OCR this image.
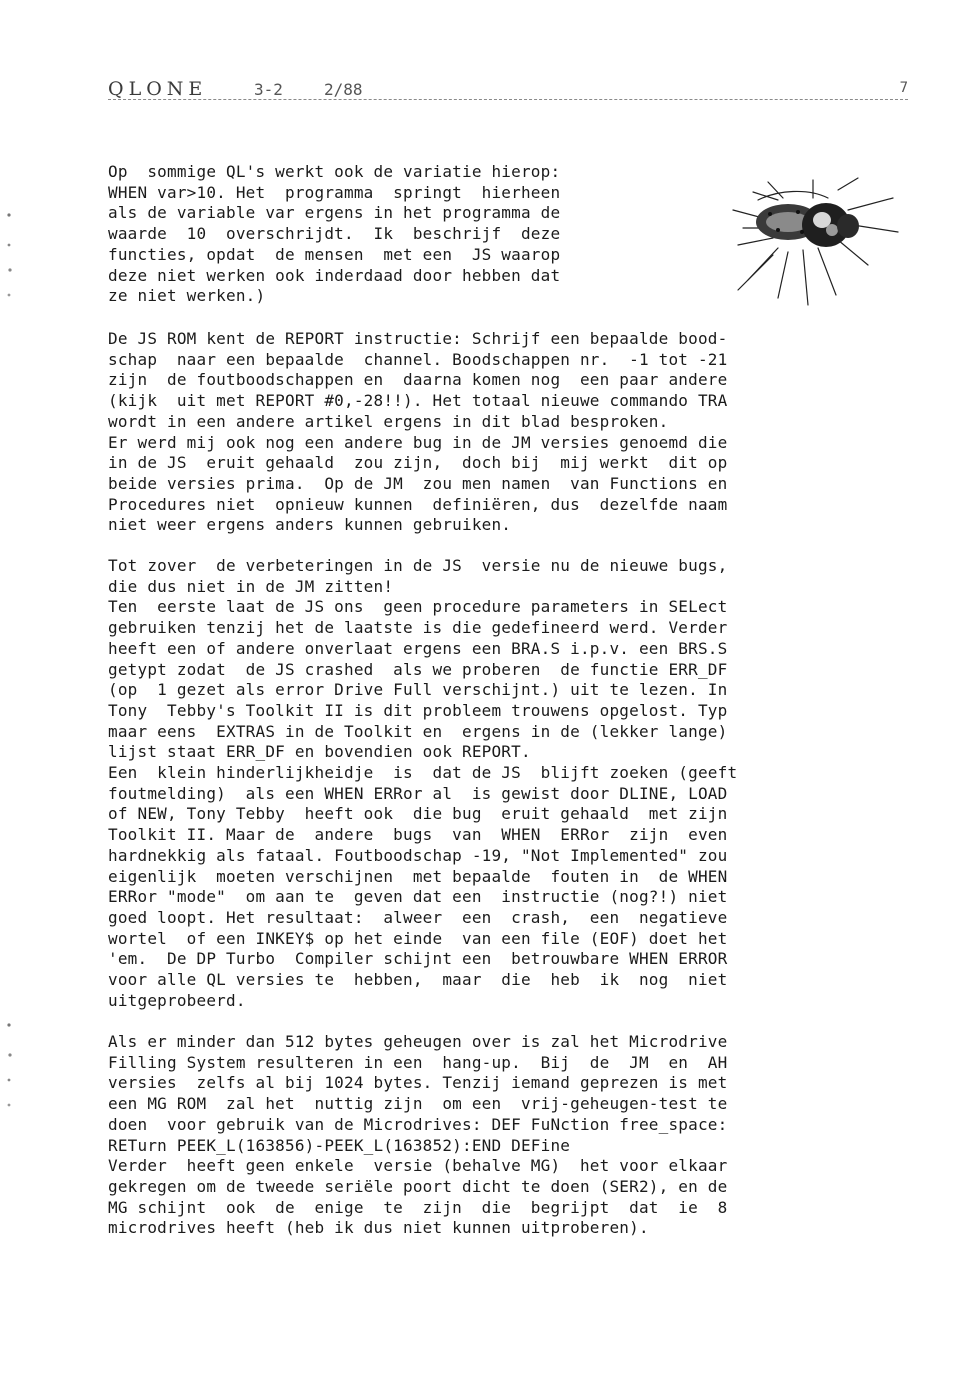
QLONE	3-2	2/88	7
Op  sommige QL's werkt ook de variatie hierop:
WHEN var>10. Het  programma  springt  hierheen
als de variable var ergens in het programma de
waarde  10  overschrijdt.  Ik  beschrijf  deze
functies, opdat  de mensen  met een  JS waarop
deze niet werken ook inderdaad door hebben dat
ze niet werken.)
De JS ROM kent de REPORT instructie: Schrijf een bepaalde bood-
schap  naar een bepaalde  channel. Boodschappen nr.  -1 tot -21
zijn  de foutboodschappen en  daarna komen nog  een paar andere
(kijk  uit met REPORT #0,-28!!). Het totaal nieuwe commando TRA
wordt in een andere artikel ergens in dit blad besproken.
Er werd mij ook nog een andere bug in de JM versies genoemd die
in de JS  eruit gehaald  zou zijn,  doch bij  mij werkt  dit op
beide versies prima.  Op de JM  zou men namen  van Functions en
Procedures niet  opnieuw kunnen  definiëren, dus  dezelfde naam
niet weer ergens anders kunnen gebruiken.
Tot zover  de verbeteringen in de JS  versie nu de nieuwe bugs,
die dus niet in de JM zitten!
Ten  eerste laat de JS ons  geen procedure parameters in SELect
gebruiken tenzij het de laatste is die gedefineerd werd. Verder
heeft een of andere onverlaat ergens een BRA.S i.p.v. een BRS.S
getypt zodat  de JS crashed  als we proberen  de functie ERR_DF
(op  1 gezet als error Drive Full verschijnt.) uit te lezen. In
Tony  Tebby's Toolkit II is dit probleem trouwens opgelost. Typ
maar eens  EXTRAS in de Toolkit en  ergens in de (lekker lange)
lijst staat ERR_DF en bovendien ook REPORT.
Een  klein hinderlijkheidje  is  dat de JS  blijft zoeken (geeft
foutmelding)  als een WHEN ERRor al  is gewist door DLINE, LOAD
of NEW, Tony Tebby  heeft ook  die bug  eruit gehaald  met zijn
Toolkit II. Maar de  andere  bugs  van  WHEN  ERRor  zijn  even
hardnekkig als fataal. Foutboodschap -19, "Not Implemented" zou
eigenlijk  moeten verschijnen  met bepaalde  fouten in  de WHEN
ERRor "mode"  om aan te  geven dat een  instructie (nog?!) niet
goed loopt. Het resultaat:  alweer  een  crash,  een  negatieve
wortel  of een INKEY$ op het einde  van een file (EOF) doet het
'em.  De DP Turbo  Compiler schijnt een  betrouwbare WHEN ERROR
voor alle QL versies te  hebben,  maar  die  heb  ik  nog  niet
uitgeprobeerd.
Als er minder dan 512 bytes geheugen over is zal het Microdrive
Filling System resulteren in een  hang-up.  Bij  de  JM  en  AH
versies  zelfs al bij 1024 bytes. Tenzij iemand geprezen is met
een MG ROM  zal het  nuttig zijn  om een  vrij-geheugen-test te
doen  voor gebruik van de Microdrives: DEF FuNction free_space:
RETurn PEEK_L(163856)-PEEK_L(163852):END DEFine
Verder  heeft geen enkele  versie (behalve MG)  het voor elkaar
gekregen om de tweede seriële poort dicht te doen (SER2), en de
MG schijnt  ook  de  enige  te  zijn  die  begrijpt  dat  ie  8
microdrives heeft (heb ik dus niet kunnen uitproberen).
